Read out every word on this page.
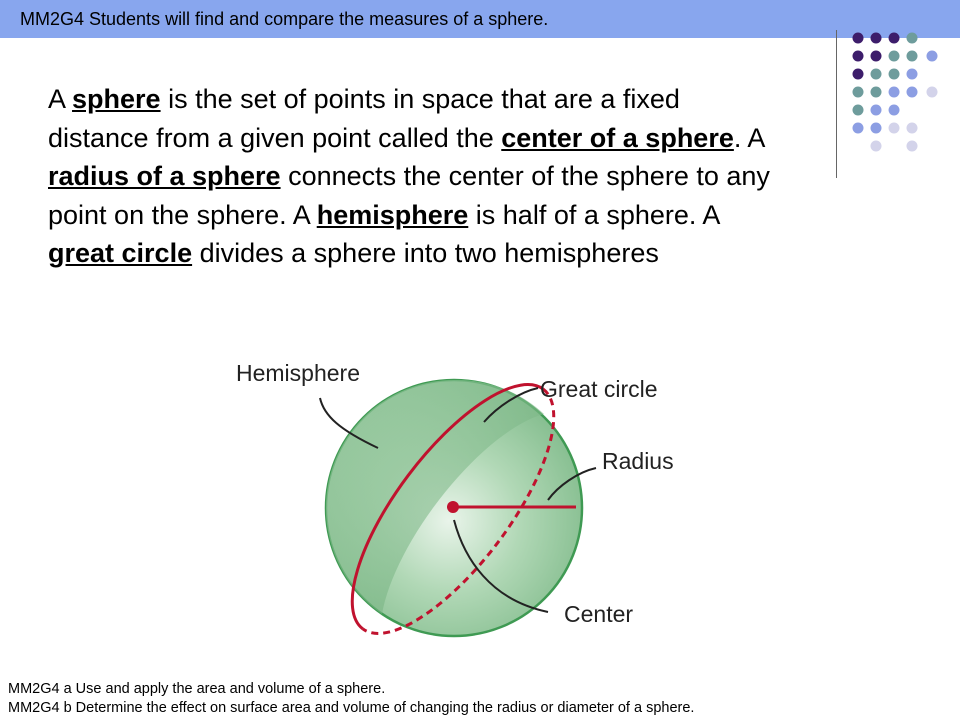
MM2G4 Students will find and compare the measures of a sphere.
A sphere is the set of points in space that are a fixed distance from a given point called the center of a sphere. A radius of a sphere connects the center of the sphere to any point on the sphere. A hemisphere is half of a sphere. A great circle divides a sphere into two hemispheres
Hemisphere
Great circle
Radius
Center
MM2G4 a Use and apply the area and volume of a sphere.
MM2G4 b Determine the effect on surface area and volume of changing the radius or diameter of a sphere.
